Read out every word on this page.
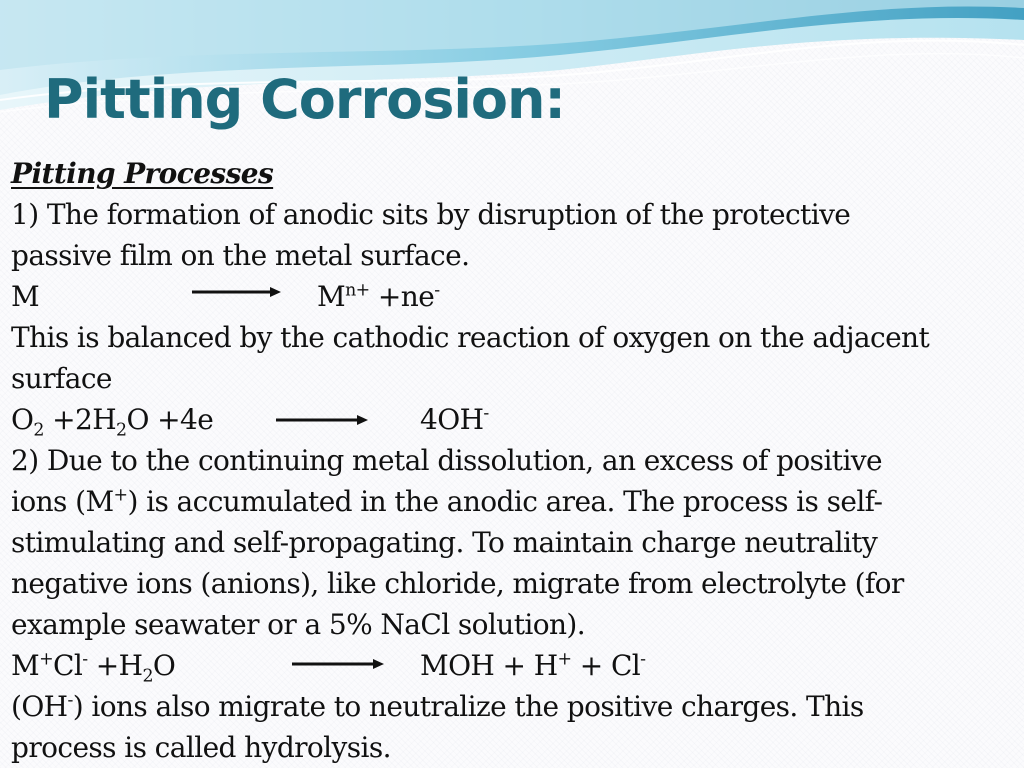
Pitting Corrosion:
Pitting Processes
1) The formation of anodic sits by disruption of the protective
passive film on the metal surface.
M	→ $M^{n+} +ne^-$
This is balanced by the cathodic reaction of oxygen on the adjacent
surface
$O_2 +2H_2O +4e$	4OH-
2) Due to the continuing metal dissolution, an excess of positive
ions (M+) is accumulated in the anodic area. The process is self-
stimulating and self-propagating. To maintain charge neutrality
negative ions (anions), like chloride, migrate from electrolyte (for
example seawater or a 5% NaCl solution).
$M^+Cl^- +H_2O$	→ MOH + H+ + Cl-
(OH-) ions also migrate to neutralize the positive charges. This
process is called hydrolysis.
